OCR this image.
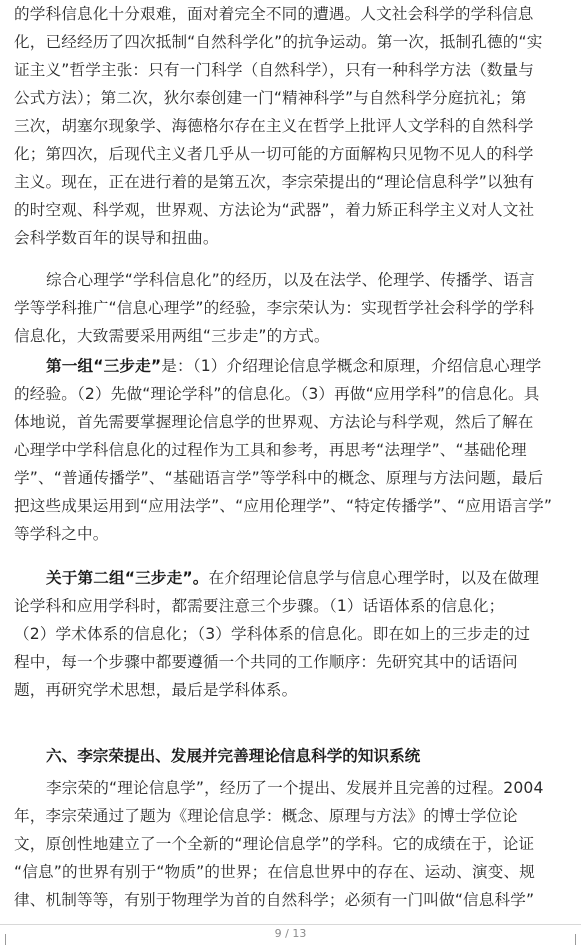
的学科信息化十分艰难，面对着完全不同的遭遇。人文社会科学的学科信息
化，已经经历了四次抵制“自然科学化”的抗争运动。第一次，抵制孔德的“实
证主义”哲学主张：只有一门科学（自然科学），只有一种科学方法（数量与
公式方法）；第二次，狄尔泰创建一门“精神科学”与自然科学分庭抗礼；第
三次，胡塞尔现象学、海德格尔存在主义在哲学上批评人文学科的自然科学
化；第四次，后现代主义者几乎从一切可能的方面解构只见物不见人的科学
主义。现在，正在进行着的是第五次，李宗荣提出的“理论信息科学”以独有
的时空观、科学观，世界观、方法论为“武器”，着力矫正科学主义对人文社
会科学数百年的误导和扭曲。
综合心理学“学科信息化”的经历，以及在法学、伦理学、传播学、语言
学等学科推广“信息心理学”的经验，李宗荣认为：实现哲学社会科学的学科
信息化，大致需要采用两组“三步走”的方式。
第一组“三步走”是：（1）介绍理论信息学概念和原理，介绍信息心理学
的经验。（2）先做“理论学科”的信息化。（3）再做“应用学科”的信息化。具
体地说，首先需要掌握理论信息学的世界观、方法论与科学观，然后了解在
心理学中学科信息化的过程作为工具和参考，再思考“法理学”、“基础伦理
学”、“普通传播学”、“基础语言学”等学科中的概念、原理与方法问题，最后
把这些成果运用到“应用法学”、“应用伦理学”、“特定传播学”、“应用语言学”
等学科之中。
关于第二组“三步走”。在介绍理论信息学与信息心理学时，以及在做理
论学科和应用学科时，都需要注意三个步骤。（1）话语体系的信息化；
（2）学术体系的信息化；（3）学科体系的信息化。即在如上的三步走的过
程中，每一个步骤中都要遵循一个共同的工作顺序：先研究其中的话语问
题，再研究学术思想，最后是学科体系。
六、李宗荣提出、发展并完善理论信息科学的知识系统
李宗荣的“理论信息学”，经历了一个提出、发展并且完善的过程。2004
年，李宗荣通过了题为《理论信息学：概念、原理与方法》的博士学位论
文，原创性地建立了一个全新的“理论信息学”的学科。它的成绩在于，论证
“信息”的世界有别于“物质”的世界；在信息世界中的存在、运动、演变、规
律、机制等等，有别于物理学为首的自然科学；必须有一门叫做“信息科学”
9 / 13
